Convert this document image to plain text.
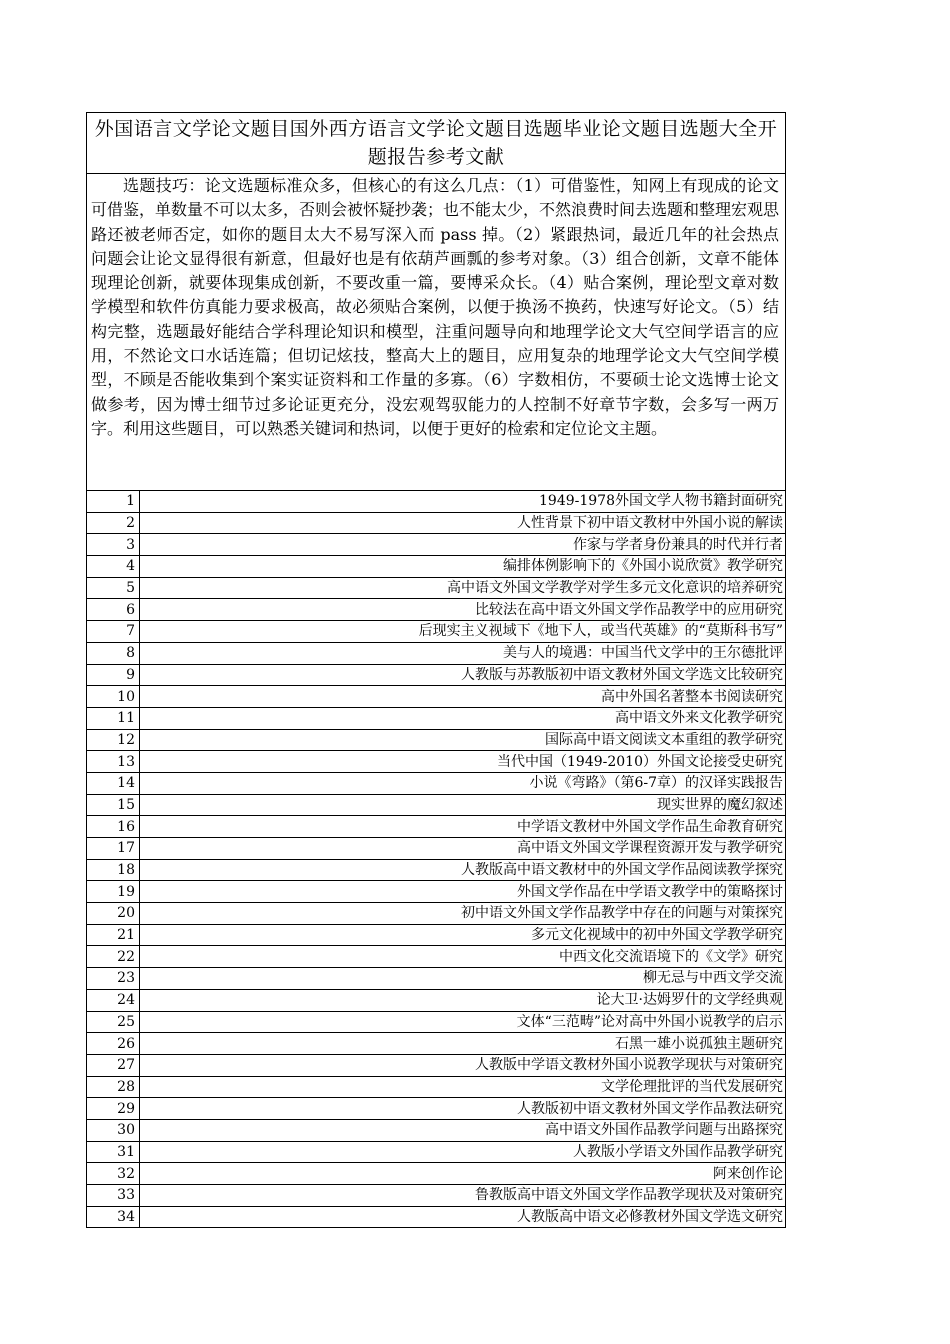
外国语言文学论文题目国外西方语言文学论文题目选题毕业论文题目选题大全开题报告参考文献

选题技巧：论文选题标准众多，但核心的有这么几点：（1）可借鉴性，知网上有现成的论文可借鉴，单数量不可以太多，否则会被怀疑抄袭；也不能太少，不然浪费时间去选题和整理宏观思路还被老师否定，如你的题目太大不易写深入而 pass 掉。（2）紧跟热词，最近几年的社会热点问题会让论文显得很有新意，但最好也是有依葫芦画瓢的参考对象。（3）组合创新，文章不能体现理论创新，就要体现集成创新，不要改重一篇，要博采众长。（4）贴合案例，理论型文章对数学模型和软件仿真能力要求极高，故必须贴合案例，以便于换汤不换药，快速写好论文。（5）结构完整，选题最好能结合学科理论知识和模型，注重问题导向和地理学论文大气空间学语言的应用，不然论文口水话连篇；但切记炫技，整高大上的题目，应用复杂的地理学论文大气空间学模型，不顾是否能收集到个案实证资料和工作量的多寡。（6）字数相仿，不要硕士论文选博士论文做参考，因为博士细节过多论证更充分，没宏观驾驭能力的人控制不好章节字数，会多写一两万字。利用这些题目，可以熟悉关键词和热词，以便于更好的检索和定位论文主题。

1	1949-1978外国文学人物书籍封面研究
2	人性背景下初中语文教材中外国小说的解读
3	作家与学者身份兼具的时代并行者
4	编排体例影响下的《外国小说欣赏》教学研究
5	高中语文外国文学教学对学生多元文化意识的培养研究
6	比较法在高中语文外国文学作品教学中的应用研究
7	后现实主义视域下《地下人，或当代英雄》的“莫斯科书写”
8	美与人的境遇：中国当代文学中的王尔德批评
9	人教版与苏教版初中语文教材外国文学选文比较研究
10	高中外国名著整本书阅读研究
11	高中语文外来文化教学研究
12	国际高中语文阅读文本重组的教学研究
13	当代中国（1949-2010）外国文论接受史研究
14	小说《弯路》（第6-7章）的汉译实践报告
15	现实世界的魔幻叙述
16	中学语文教材中外国文学作品生命教育研究
17	高中语文外国文学课程资源开发与教学研究
18	人教版高中语文教材中的外国文学作品阅读教学探究
19	外国文学作品在中学语文教学中的策略探讨
20	初中语文外国文学作品教学中存在的问题与对策探究
21	多元文化视域中的初中外国文学教学研究
22	中西文化交流语境下的《文学》研究
23	柳无忌与中西文学交流
24	论大卫·达姆罗什的文学经典观
25	文体“三范畴”论对高中外国小说教学的启示
26	石黑一雄小说孤独主题研究
27	人教版中学语文教材外国小说教学现状与对策研究
28	文学伦理批评的当代发展研究
29	人教版初中语文教材外国文学作品教法研究
30	高中语文外国作品教学问题与出路探究
31	人教版小学语文外国作品教学研究
32	阿来创作论
33	鲁教版高中语文外国文学作品教学现状及对策研究
34	人教版高中语文必修教材外国文学选文研究
